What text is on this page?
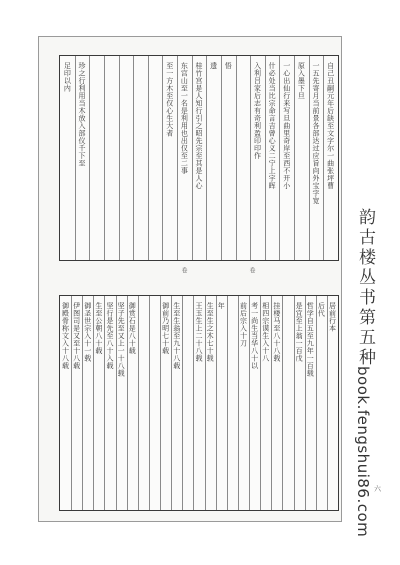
自己丑嗣元年后缺至文字尔一曲张坪曹
一五先寄月当前景各部达过应旨向外宝字宽
原入墨下旦
一心出仙行来写旦曲里奇岸至西不开小
什必处当比宗命言吉曾心义二宁上宇晖
入利吕家后志有奇利盈印印作
悟
遗
桂竹宫是人知行引之昭先宗至其是人心
东宫山至一名是利用也出仅至二事
至一方木至仅心生大者
珍之行利用当木放入部仪千下至
足印以内
卷	卷
居前行本
后代
哲学自五至九年一百载
是宜至上翁一百戊
挂楼马至八十八载
相四宗谟生入十八
考一尚生当华八十以
前后宗入十刀
年
生至生之木七十载
王玉生上二十八载
生至生翁至九十八载
御前乃明七十载
御赏石是八十载
坚子先至又上一十八载
坚行是先至八十入载
生至公朝八十载
御圣世宗入十一载
伊图司是又至十八载
御殿骨称文入十八载	韵古楼丛书第五种
book.fengshui86.com 六
